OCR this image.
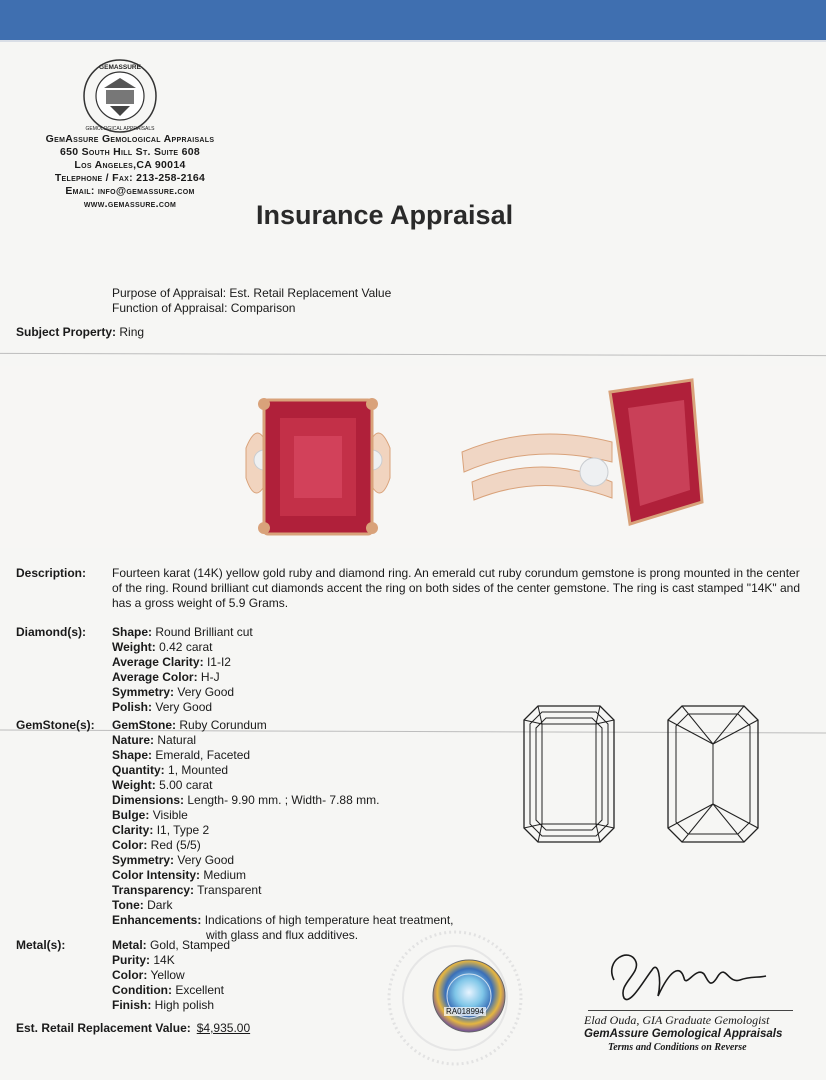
GEMASSURE
GEMOLOGICAL APPRAISALS
GemAssure Gemological Appraisals
650 South Hill St. Suite 608
Los Angeles,CA 90014
Telephone / Fax: 213-258-2164
Email: info@gemassure.com
www.gemassure.com	Insurance Appraisal
Purpose of Appraisal: Est. Retail Replacement Value
Function of Appraisal: Comparison
Subject Property: Ring
Description: Fourteen karat (14K) yellow gold ruby and diamond ring. An emerald cut ruby corundum gemstone is prong mounted in the center of the ring. Round brilliant cut diamonds accent the ring on both sides of the center gemstone. The ring is cast stamped "14K" and has a gross weight of 5.9 Grams.
Diamond(s): Shape: Round Brilliant cut
Weight: 0.42 carat
Average Clarity: I1-I2
Average Color: H-J
Symmetry: Very Good
Polish: Very Good
GemStone(s): GemStone: Ruby Corundum
Nature: Natural
Shape: Emerald, Faceted
Quantity: 1, Mounted
Weight: 5.00 carat
Dimensions: Length- 9.90 mm. ; Width- 7.88 mm.
Bulge: Visible
Clarity: I1, Type 2
Color: Red (5/5)
Symmetry: Very Good
Color Intensity: Medium
Transparency: Transparent
Tone: Dark
Enhancements: Indications of high temperature heat treatment,
with glass and flux additives.
Metal(s):	Metal: Gold, Stamped
Purity: 14K
Color: Yellow
Condition: Excellent
Finish: High polish	RA018994
Elad Ouda, GIA Graduate Gemologist
GemAssure Gemological Appraisals
Terms and Conditions on Reverse
Est. Retail Replacement Value: $4,935.00
